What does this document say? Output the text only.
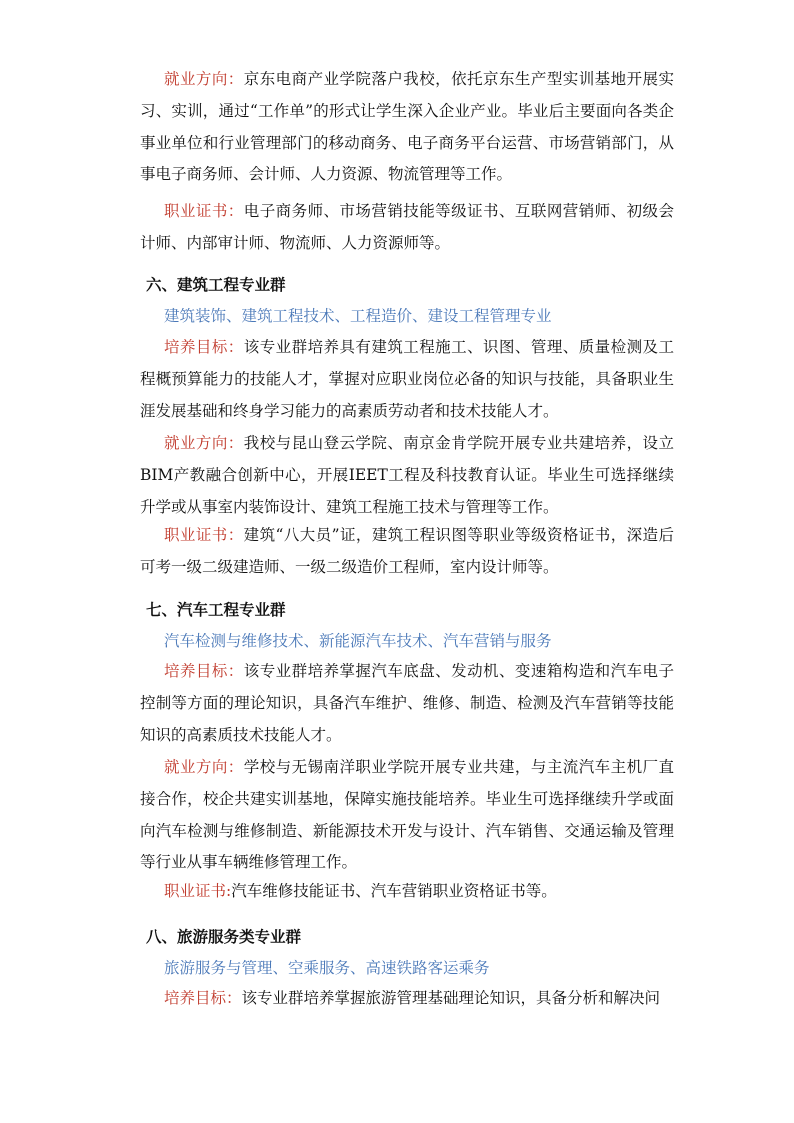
就业方向：京东电商产业学院落户我校，依托京东生产型实训基地开展实习、实训，通过“工作单”的形式让学生深入企业产业。毕业后主要面向各类企事业单位和行业管理部门的移动商务、电子商务平台运营、市场营销部门，从事电子商务师、会计师、人力资源、物流管理等工作。

职业证书：电子商务师、市场营销技能等级证书、互联网营销师、初级会计师、内部审计师、物流师、人力资源师等。

六、建筑工程专业群

建筑装饰、建筑工程技术、工程造价、建设工程管理专业

培养目标：该专业群培养具有建筑工程施工、识图、管理、质量检测及工程概预算能力的技能人才，掌握对应职业岗位必备的知识与技能，具备职业生涯发展基础和终身学习能力的高素质劳动者和技术技能人才。

就业方向：我校与昆山登云学院、南京金肯学院开展专业共建培养，设立BIM产教融合创新中心，开展IEET工程及科技教育认证。毕业生可选择继续升学或从事室内装饰设计、建筑工程施工技术与管理等工作。

职业证书：建筑“八大员”证，建筑工程识图等职业等级资格证书，深造后可考一级二级建造师、一级二级造价工程师，室内设计师等。

七、汽车工程专业群

汽车检测与维修技术、新能源汽车技术、汽车营销与服务

培养目标：该专业群培养掌握汽车底盘、发动机、变速箱构造和汽车电子控制等方面的理论知识，具备汽车维护、维修、制造、检测及汽车营销等技能知识的高素质技术技能人才。

就业方向：学校与无锡南洋职业学院开展专业共建，与主流汽车主机厂直接合作，校企共建实训基地，保障实施技能培养。毕业生可选择继续升学或面向汽车检测与维修制造、新能源技术开发与设计、汽车销售、交通运输及管理等行业从事车辆维修管理工作。

职业证书:汽车维修技能证书、汽车营销职业资格证书等。

八、旅游服务类专业群

旅游服务与管理、空乘服务、高速铁路客运乘务

培养目标：该专业群培养掌握旅游管理基础理论知识，具备分析和解决问
